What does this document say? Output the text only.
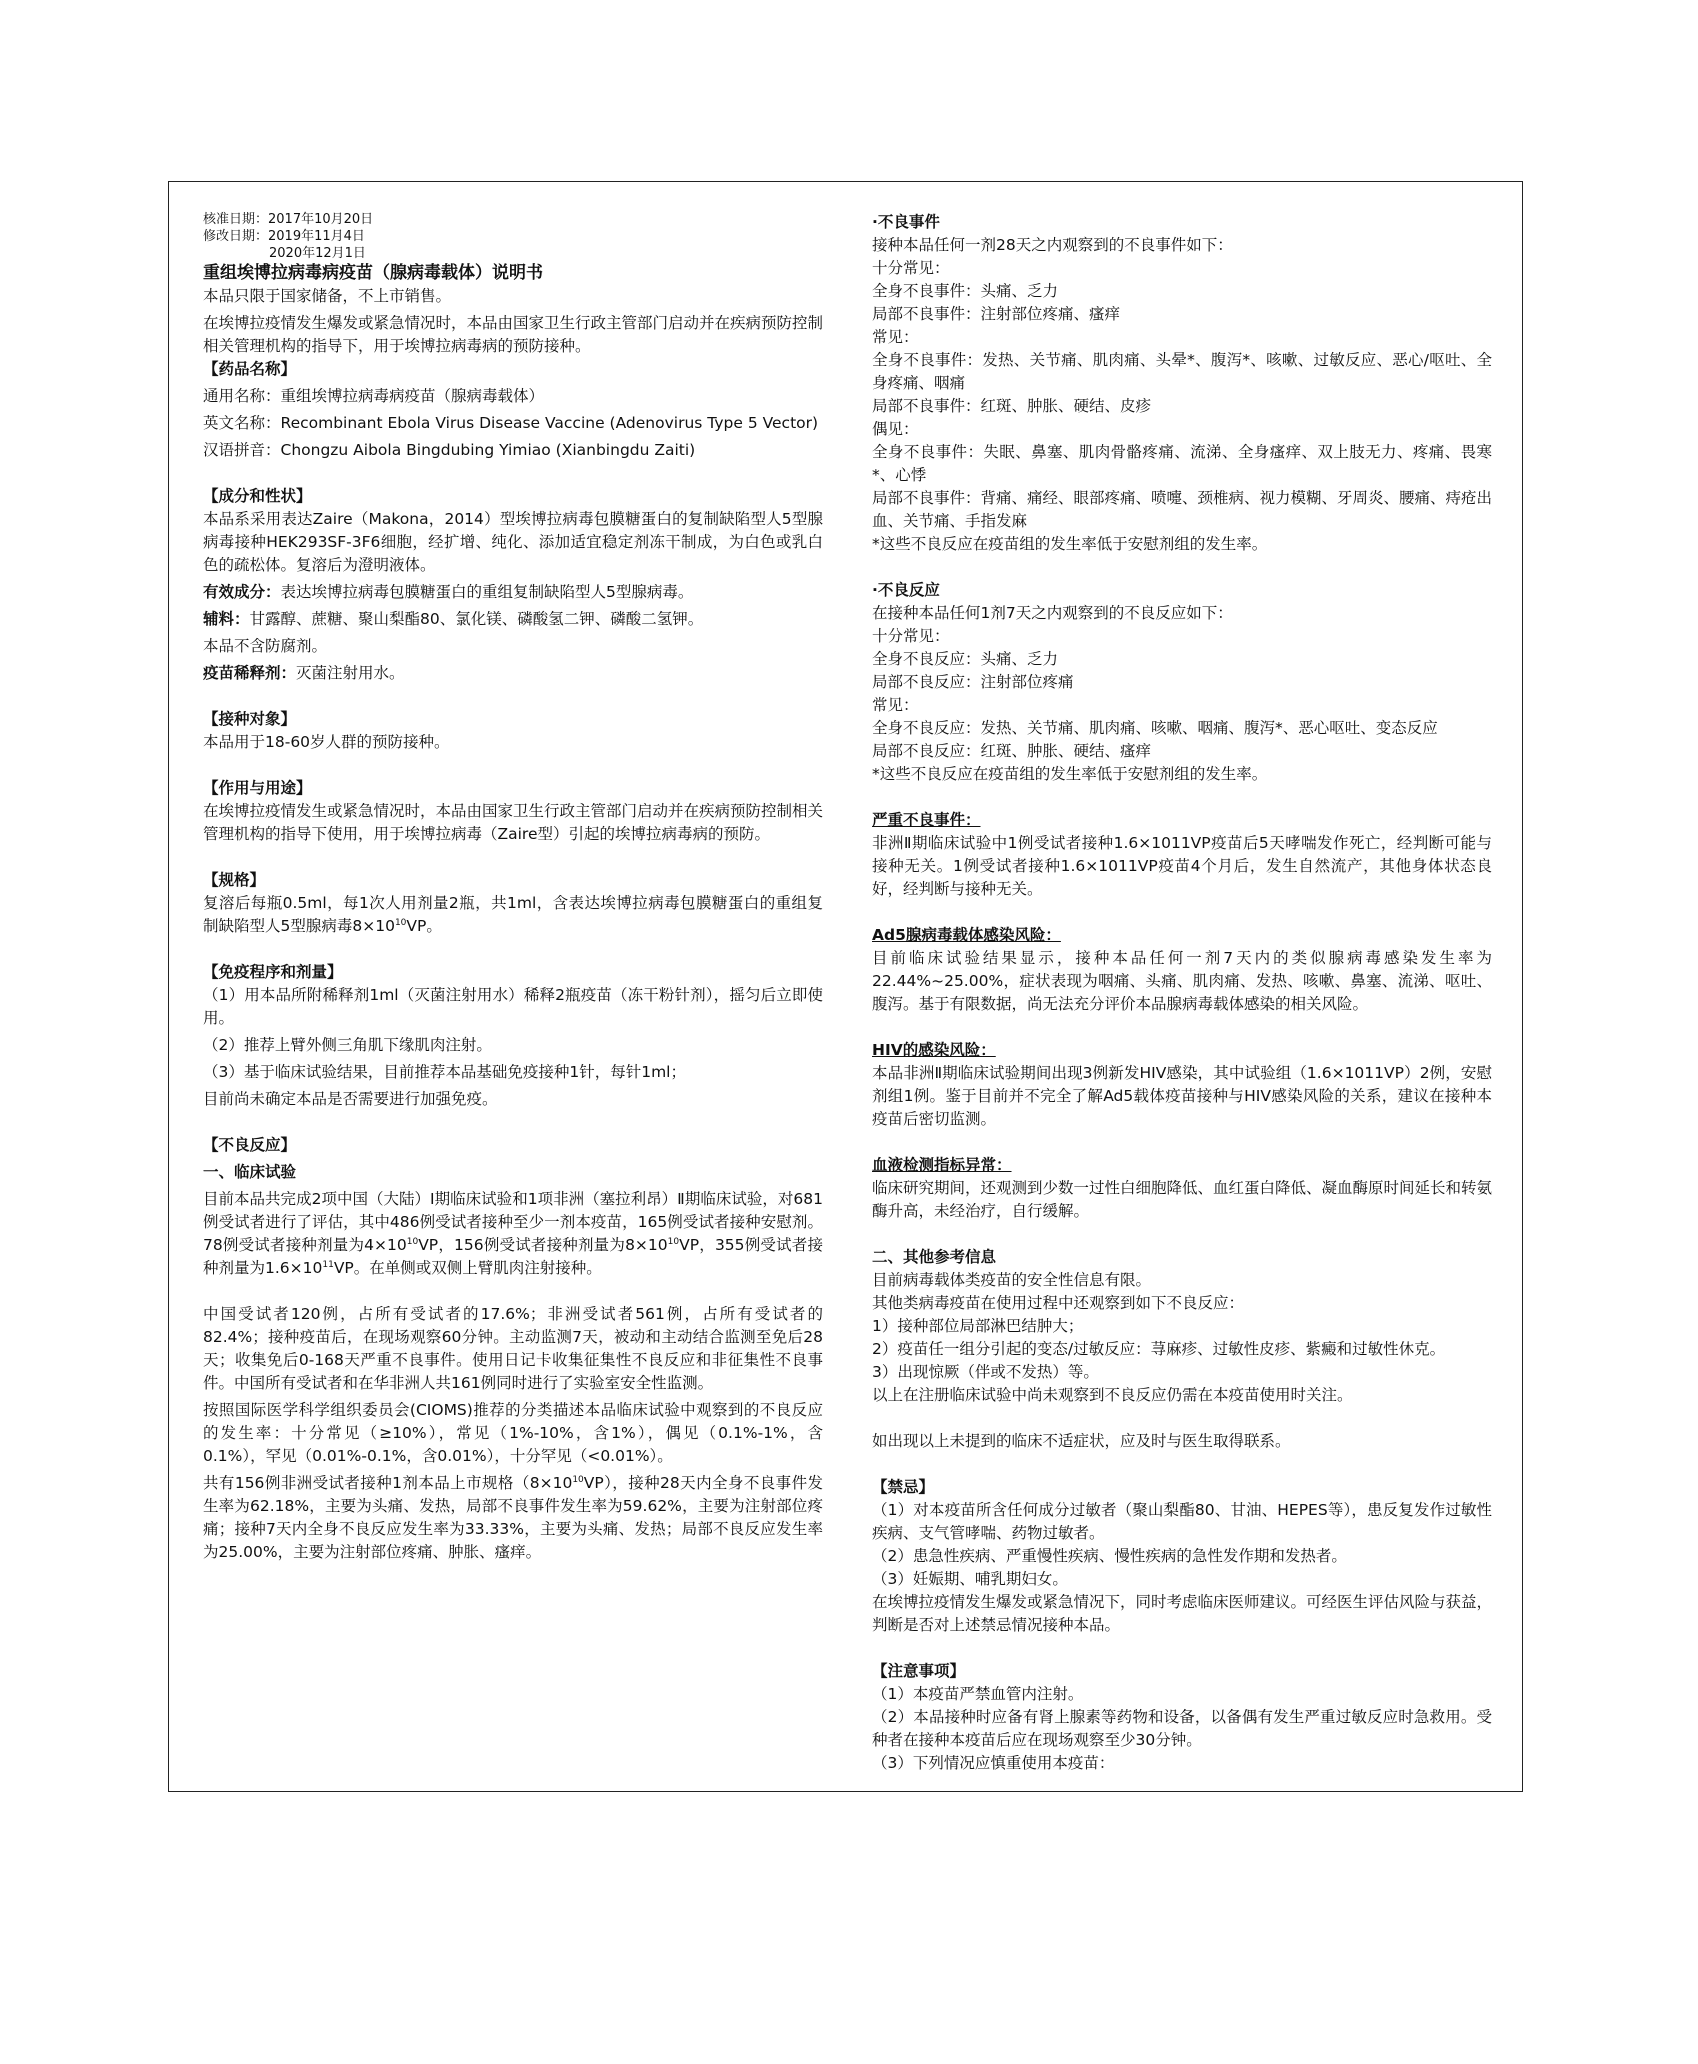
核准日期：2017年10月20日

修改日期：2019年11月4日

2020年12月1日

重组埃博拉病毒病疫苗（腺病毒载体）说明书

本品只限于国家储备，不上市销售。

在埃博拉疫情发生爆发或紧急情况时，本品由国家卫生行政主管部门启动并在疾病预防控制相关管理机构的指导下，用于埃博拉病毒病的预防接种。

【药品名称】

通用名称：重组埃博拉病毒病疫苗（腺病毒载体）

英文名称：Recombinant Ebola Virus Disease Vaccine (Adenovirus Type 5 Vector)

汉语拼音：Chongzu Aibola Bingdubing Yimiao (Xianbingdu Zaiti)

【成分和性状】

本品系采用表达Zaire（Makona，2014）型埃博拉病毒包膜糖蛋白的复制缺陷型人5型腺病毒接种HEK293SF-3F6细胞，经扩增、纯化、添加适宜稳定剂冻干制成，为白色或乳白色的疏松体。复溶后为澄明液体。

有效成分：表达埃博拉病毒包膜糖蛋白的重组复制缺陷型人5型腺病毒。

辅料：甘露醇、蔗糖、聚山梨酯80、氯化镁、磷酸氢二钾、磷酸二氢钾。

本品不含防腐剂。

疫苗稀释剂：灭菌注射用水。

【接种对象】

本品用于18-60岁人群的预防接种。

【作用与用途】

在埃博拉疫情发生或紧急情况时，本品由国家卫生行政主管部门启动并在疾病预防控制相关管理机构的指导下使用，用于埃博拉病毒（Zaire型）引起的埃博拉病毒病的预防。

【规格】

复溶后每瓶0.5ml，每1次人用剂量2瓶，共1ml，含表达埃博拉病毒包膜糖蛋白的重组复制缺陷型人5型腺病毒$8\times 10^{10}VP$。

【免疫程序和剂量】

（1）用本品所附稀释剂1ml（灭菌注射用水）稀释2瓶疫苗（冻干粉针剂），摇匀后立即使用。

（2）推荐上臂外侧三角肌下缘肌肉注射。

（3）基于临床试验结果，目前推荐本品基础免疫接种1针，每针1ml；

目前尚未确定本品是否需要进行加强免疫。

【不良反应】

一、临床试验

目前本品共完成2项中国（大陆）Ⅰ期临床试验和1项非洲（塞拉利昂）Ⅱ期临床试验，对681例受试者进行了评估，其中486例受试者接种至少一剂本疫苗，165例受试者接种安慰剂。78例受试者接种剂量为$4\times 10^{10}VP$，156例受试者接种剂量为$8\times 10^{10}VP$，355例受试者接种剂量为$1.6\times 10^{11}VP$。在单侧或双侧上臂肌肉注射接种。

中国受试者120例，占所有受试者的17.6%；非洲受试者561例，占所有受试者的82.4%；接种疫苗后，在现场观察60分钟。主动监测7天，被动和主动结合监测至免后28天；收集免后0-168天严重不良事件。使用日记卡收集征集性不良反应和非征集性不良事件。中国所有受试者和在华非洲人共161例同时进行了实验室安全性监测。

按照国际医学科学组织委员会(CIOMS)推荐的分类描述本品临床试验中观察到的不良反应的发生率：十分常见（≥10%），常见（1%-10%，含1%），偶见（0.1%-1%，含0.1%），罕见（0.01%-0.1%，含0.01%），十分罕见（<0.01%）。

共有156例非洲受试者接种1剂本品上市规格$(8\times 10^{10}VP)$，接种28天内全身不良事件发生率为62.18%，主要为头痛、发热，局部不良事件发生率为59.62%，主要为注射部位疼痛；接种7天内全身不良反应发生率为33.33%，主要为头痛、发热；局部不良反应发生率为25.00%，主要为注射部位疼痛、肿胀、瘙痒。

·不良事件

接种本品任何一剂28天之内观察到的不良事件如下：

十分常见：

全身不良事件：头痛、乏力

局部不良事件：注射部位疼痛、瘙痒

常见：

全身不良事件：发热、关节痛、肌肉痛、头晕*、腹泻*、咳嗽、过敏反应、恶心/呕吐、全身疼痛、咽痛

局部不良事件：红斑、肿胀、硬结、皮疹

偶见：

全身不良事件：失眠、鼻塞、肌肉骨骼疼痛、流涕、全身瘙痒、双上肢无力、疼痛、畏寒*、心悸

局部不良事件：背痛、痛经、眼部疼痛、喷嚏、颈椎病、视力模糊、牙周炎、腰痛、痔疮出血、关节痛、手指发麻

*这些不良反应在疫苗组的发生率低于安慰剂组的发生率。

·不良反应

在接种本品任何1剂7天之内观察到的不良反应如下：

十分常见：

全身不良反应：头痛、乏力

局部不良反应：注射部位疼痛

常见：

全身不良反应：发热、关节痛、肌肉痛、咳嗽、咽痛、腹泻*、恶心呕吐、变态反应

局部不良反应：红斑、肿胀、硬结、瘙痒

*这些不良反应在疫苗组的发生率低于安慰剂组的发生率。

严重不良事件：

非洲Ⅱ期临床试验中1例受试者接种1.6×1011VP疫苗后5天哮喘发作死亡，经判断可能与接种无关。1例受试者接种1.6×1011VP疫苗4个月后，发生自然流产，其他身体状态良好，经判断与接种无关。

Ad5腺病毒载体感染风险：

目前临床试验结果显示，接种本品任何一剂7天内的类似腺病毒感染发生率为22.44%~25.00%，症状表现为咽痛、头痛、肌肉痛、发热、咳嗽、鼻塞、流涕、呕吐、腹泻。基于有限数据，尚无法充分评价本品腺病毒载体感染的相关风险。

HIV的感染风险：

本品非洲Ⅱ期临床试验期间出现3例新发HIV感染，其中试验组（1.6×1011VP）2例，安慰剂组1例。鉴于目前并不完全了解Ad5载体疫苗接种与HIV感染风险的关系，建议在接种本疫苗后密切监测。

血液检测指标异常：

临床研究期间，还观测到少数一过性白细胞降低、血红蛋白降低、凝血酶原时间延长和转氨酶升高，未经治疗，自行缓解。

二、其他参考信息

目前病毒载体类疫苗的安全性信息有限。

其他类病毒疫苗在使用过程中还观察到如下不良反应：

1）接种部位局部淋巴结肿大；

2）疫苗任一组分引起的变态/过敏反应：荨麻疹、过敏性皮疹、紫癜和过敏性休克。

3）出现惊厥（伴或不发热）等。

以上在注册临床试验中尚未观察到不良反应仍需在本疫苗使用时关注。

如出现以上未提到的临床不适症状，应及时与医生取得联系。

【禁忌】

（1）对本疫苗所含任何成分过敏者（聚山梨酯80、甘油、HEPES等），患反复发作过敏性疾病、支气管哮喘、药物过敏者。

（2）患急性疾病、严重慢性疾病、慢性疾病的急性发作期和发热者。

（3）妊娠期、哺乳期妇女。

在埃博拉疫情发生爆发或紧急情况下，同时考虑临床医师建议。可经医生评估风险与获益，判断是否对上述禁忌情况接种本品。

【注意事项】

（1）本疫苗严禁血管内注射。

（2）本品接种时应备有肾上腺素等药物和设备，以备偶有发生严重过敏反应时急救用。受种者在接种本疫苗后应在现场观察至少30分钟。

（3）下列情况应慎重使用本疫苗：
